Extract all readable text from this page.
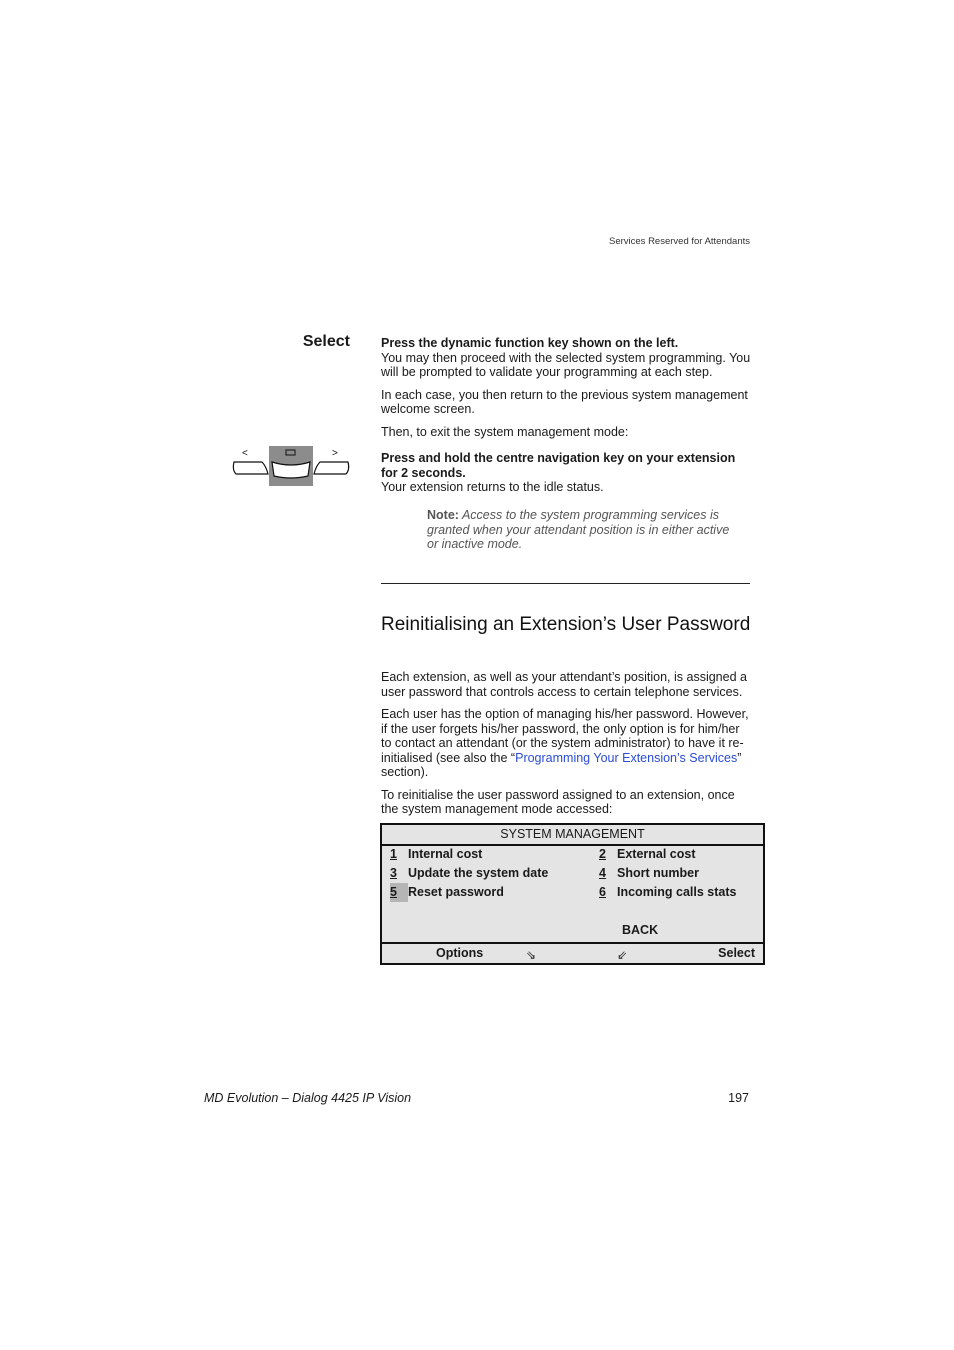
Services Reserved for Attendants
Select Press the dynamic function key shown on the left.

You may then proceed with the selected system programming. You will be prompted to validate your programming at each step.

In each case, you then return to the previous system management welcome screen.

Then, to exit the system management mode:

<	>	Press and hold the centre navigation key on your extension for 2 seconds.

Your extension returns to the idle status.

Note: Access to the system programming services is granted when your attendant position is in either active or inactive mode.
Reinitialising an Extension’s User Password

Each extension, as well as your attendant’s position, is assigned a user password that controls access to certain telephone services.

Each user has the option of managing his/her password. However, if the user forgets his/her password, the only option is for him/her to contact an attendant (or the system administrator) to have it re-initialised (see also the “Programming Your Extension’s Services” section).

To reinitialise the user password assigned to an extension, once the system management mode accessed:

SYSTEM MANAGEMENT
1 Internal cost	2 External cost
3 Update the system date	4 Short number
5 Reset password	6 Incoming calls stats
BACK
Options	⇘	⇙	Select
MD Evolution – Dialog 4425 IP Vision	197
